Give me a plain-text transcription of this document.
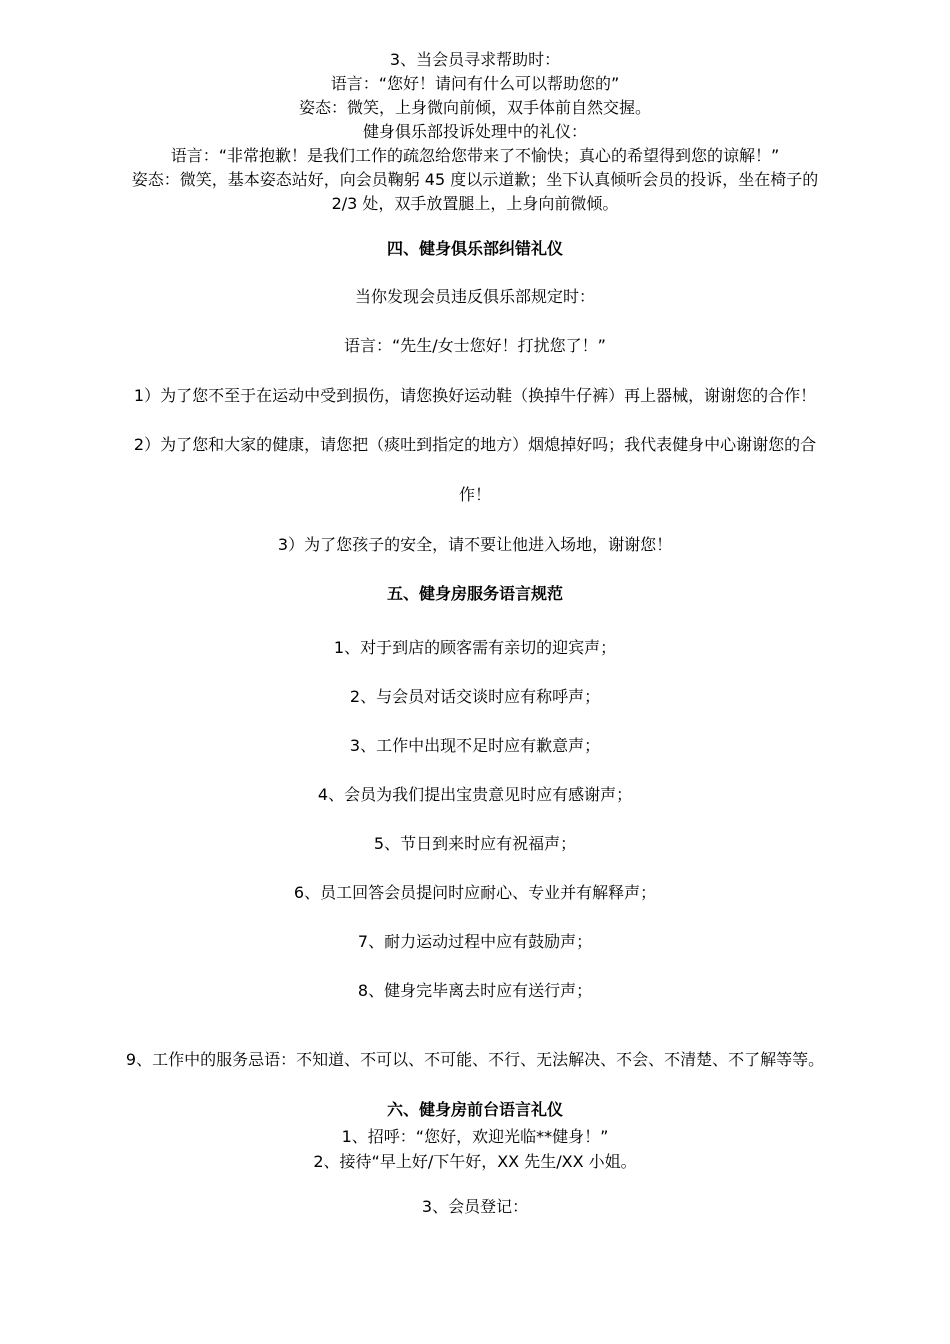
3、当会员寻求帮助时：
语言：“您好！请问有什么可以帮助您的”
姿态：微笑，上身微向前倾，双手体前自然交握。
健身俱乐部投诉处理中的礼仪：
语言：“非常抱歉！是我们工作的疏忽给您带来了不愉快；真心的希望得到您的谅解！”
姿态：微笑，基本姿态站好，向会员鞠躬 45 度以示道歉；坐下认真倾听会员的投诉，坐在椅子的
2/3 处，双手放置腿上，上身向前微倾。
四、健身俱乐部纠错礼仪
当你发现会员违反俱乐部规定时：
语言：“先生/女士您好！打扰您了！”
1）为了您不至于在运动中受到损伤，请您换好运动鞋（换掉牛仔裤）再上器械，谢谢您的合作！
2）为了您和大家的健康，请您把（痰吐到指定的地方）烟熄掉好吗；我代表健身中心谢谢您的合
作！
3）为了您孩子的安全，请不要让他进入场地，谢谢您！
五、健身房服务语言规范
1、对于到店的顾客需有亲切的迎宾声；
2、与会员对话交谈时应有称呼声；
3、工作中出现不足时应有歉意声；
4、会员为我们提出宝贵意见时应有感谢声；
5、节日到来时应有祝福声；
6、员工回答会员提问时应耐心、专业并有解释声；
7、耐力运动过程中应有鼓励声；
8、健身完毕离去时应有送行声；
9、工作中的服务忌语：不知道、不可以、不可能、不行、无法解决、不会、不清楚、不了解等等。
六、健身房前台语言礼仪
1、招呼：“您好，欢迎光临**健身！”
2、接待“早上好/下午好，XX 先生/XX 小姐。
3、会员登记：
